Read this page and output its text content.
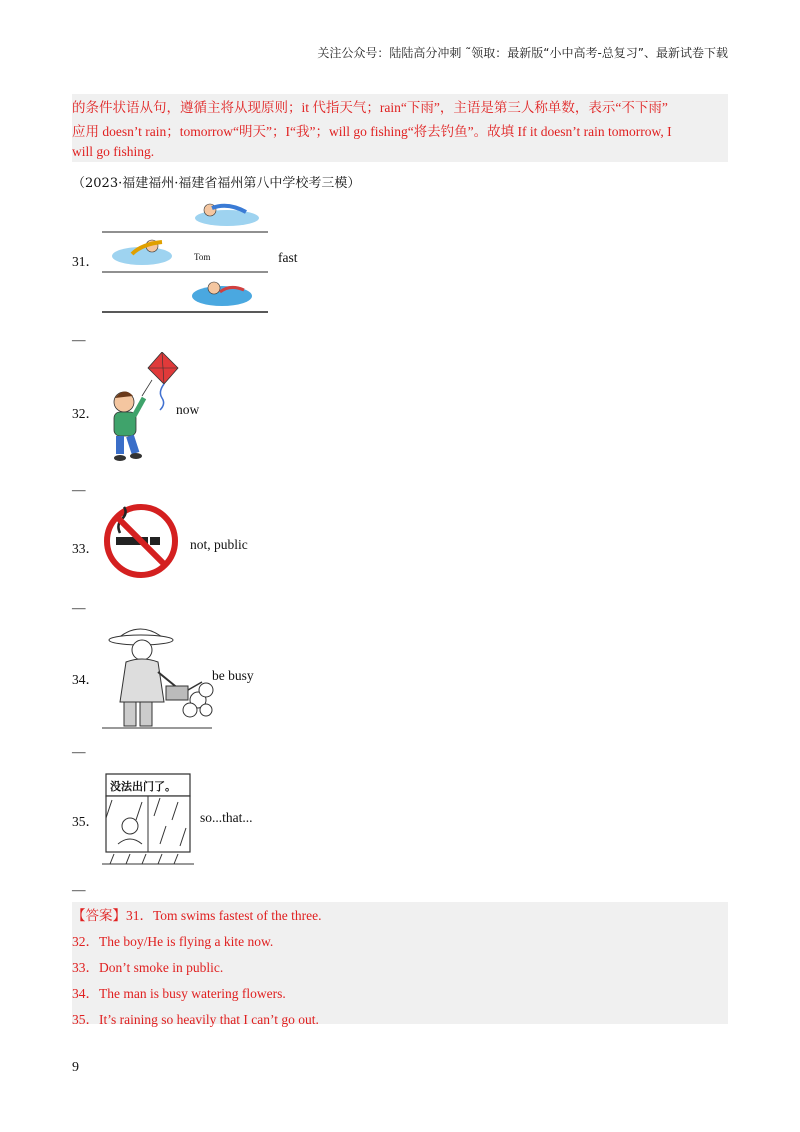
关注公众号：陆陆高分冲刺 ˜领取：最新版“小中高考-总复习”、最新试卷下载
的条件状语从句，遵循主将从现原则；it 代指天气；rain“下雨”，主语是第三人称单数，表示“不下雨”
应用 doesn’t rain；tomorrow“明天”；I“我”；will go fishing“将去钓鱼”。故填 If it doesn’t rain tomorrow, I
will go fishing.
（2023·福建福州·福建省福州第八中学校考三模）
31．	Tom	fast
—
32．	now
—
33．	not, public
—
34．	be busy
—
35．
没法出门了。
so...that...
—
【答案】31．Tom swims fastest of the three.
32．The boy/He is flying a kite now.
33．Don’t smoke in public.
34．The man is busy watering flowers.
35．It’s raining so heavily that I can’t go out.
9
